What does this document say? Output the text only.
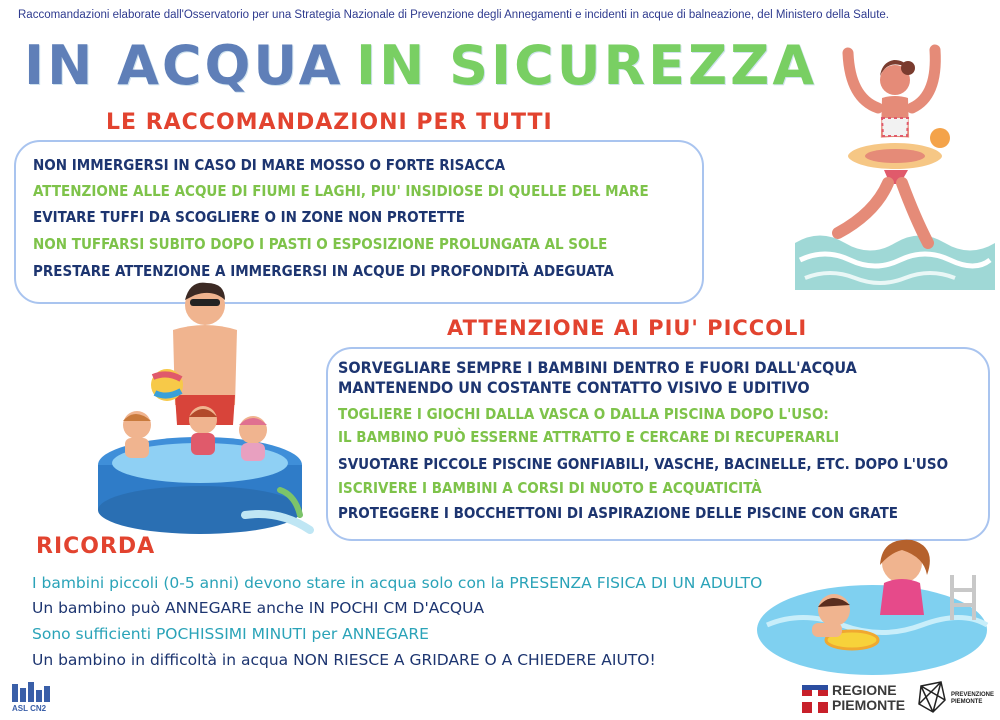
Raccomandazioni elaborate dall'Osservatorio per una Strategia Nazionale di Prevenzione degli Annegamenti e incidenti in acque di balneazione, del Ministero della Salute.
IN ACQUA IN SICUREZZA
LE RACCOMANDAZIONI PER TUTTI
NON IMMERGERSI IN CASO DI MARE MOSSO O FORTE RISACCA
ATTENZIONE ALLE ACQUE DI FIUMI E LAGHI, PIU' INSIDIOSE DI QUELLE DEL MARE
EVITARE TUFFI DA SCOGLIERE O IN ZONE NON PROTETTE
NON TUFFARSI SUBITO DOPO I PASTI O ESPOSIZIONE PROLUNGATA AL SOLE
PRESTARE ATTENZIONE A IMMERGERSI IN ACQUE DI PROFONDITÀ ADEGUATA
ATTENZIONE AI PIU' PICCOLI
SORVEGLIARE SEMPRE I BAMBINI DENTRO E FUORI DALL'ACQUA
MANTENENDO UN COSTANTE CONTATTO VISIVO E UDITIVO
TOGLIERE I GIOCHI DALLA VASCA O DALLA PISCINA DOPO L'USO:
IL BAMBINO PUÒ ESSERNE ATTRATTO E CERCARE DI RECUPERARLI
SVUOTARE PICCOLE PISCINE GONFIABILI, VASCHE, BACINELLE, ETC. DOPO L'USO
ISCRIVERE I BAMBINI A CORSI DI NUOTO E ACQUATICITÀ
PROTEGGERE I BOCCHETTONI DI ASPIRAZIONE DELLE PISCINE CON GRATE
RICORDA
I bambini piccoli (0-5 anni) devono stare in acqua solo con la PRESENZA FISICA DI UN ADULTO
Un bambino può ANNEGARE anche IN POCHI CM D'ACQUA
Sono sufficienti POCHISSIMI MINUTI per ANNEGARE
Un bambino in difficoltà in acqua NON RIESCE A GRIDARE O A CHIEDERE AIUTO!
ASL CN2
REGIONE
PIEMONTE
PREVENZIONE
PIEMONTE
